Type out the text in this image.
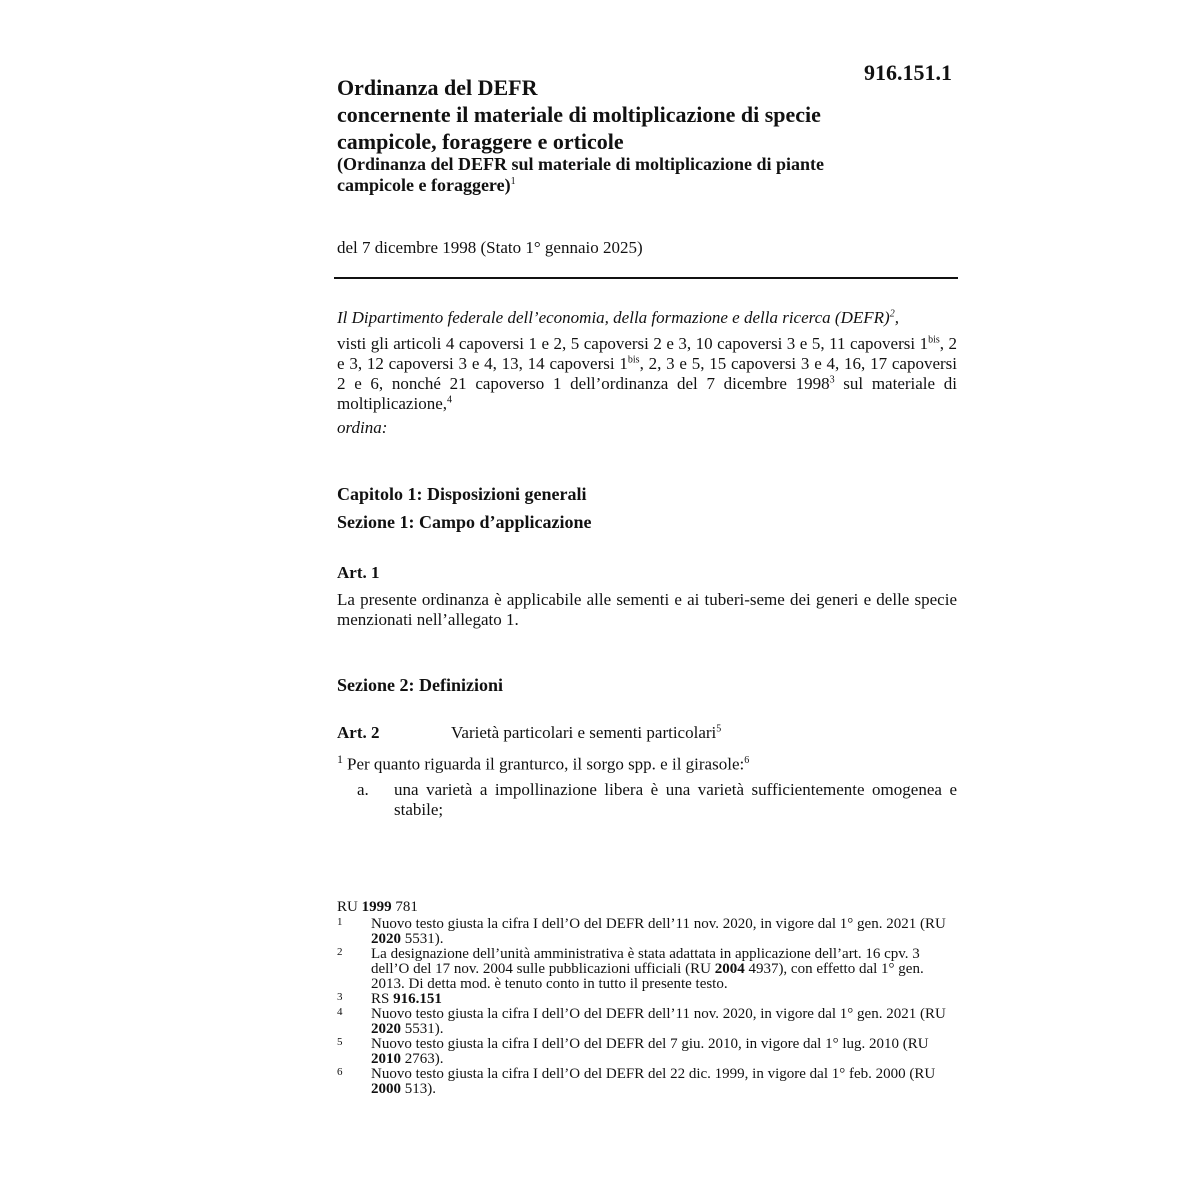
916.151.1
Ordinanza del DEFR
concernente il materiale di moltiplicazione di specie
campicole, foraggere e orticole
(Ordinanza del DEFR sul materiale di moltiplicazione di piante
campicole e foraggere)$^1$
del 7 dicembre 1998 (Stato 1° gennaio 2025)
Il Dipartimento federale dell’economia, della formazione e della ricerca (DEFR)$^2$,
visti gli articoli 4 capoversi 1 e 2, 5 capoversi 2 e 3, 10 capoversi 3 e 5, 11 capoversi $1^{bis}$, 2 e 3, 12 capoversi 3 e 4, 13, 14 capoversi $1^{bis}$, 2, 3 e 5, 15 capoversi 3 e 4, 16, 17 capoversi 2 e 6, nonché 21 capoverso 1 dell’ordinanza del 7 dicembre 1998$^3$ sul materiale di moltiplicazione,$^4$
ordina:
Capitolo 1: Disposizioni generali
Sezione 1: Campo d’applicazione
Art. 1
La presente ordinanza è applicabile alle sementi e ai tuberi-seme dei generi e delle specie menzionati nell’allegato 1.
Sezione 2: Definizioni
Art. 2	Varietà particolari e sementi particolari$^5$
$^1$ Per quanto riguarda il granturco, il sorgo spp. e il girasole:$^6$
a. una varietà a impollinazione libera è una varietà sufficientemente omogenea e stabile;
RU 1999 781
1 Nuovo testo giusta la cifra I dell’O del DEFR dell’11 nov. 2020, in vigore dal 1° gen. 2021 (RU 2020 5531).
2 La designazione dell’unità amministrativa è stata adattata in applicazione dell’art. 16 cpv. 3 dell’O del 17 nov. 2004 sulle pubblicazioni ufficiali (RU 2004 4937), con effetto dal 1° gen. 2013. Di detta mod. è tenuto conto in tutto il presente testo.
3 RS 916.151
4 Nuovo testo giusta la cifra I dell’O del DEFR dell’11 nov. 2020, in vigore dal 1° gen. 2021 (RU 2020 5531).
5 Nuovo testo giusta la cifra I dell’O del DEFR del 7 giu. 2010, in vigore dal 1° lug. 2010 (RU 2010 2763).
6 Nuovo testo giusta la cifra I dell’O del DEFR del 22 dic. 1999, in vigore dal 1° feb. 2000 (RU 2000 513).
